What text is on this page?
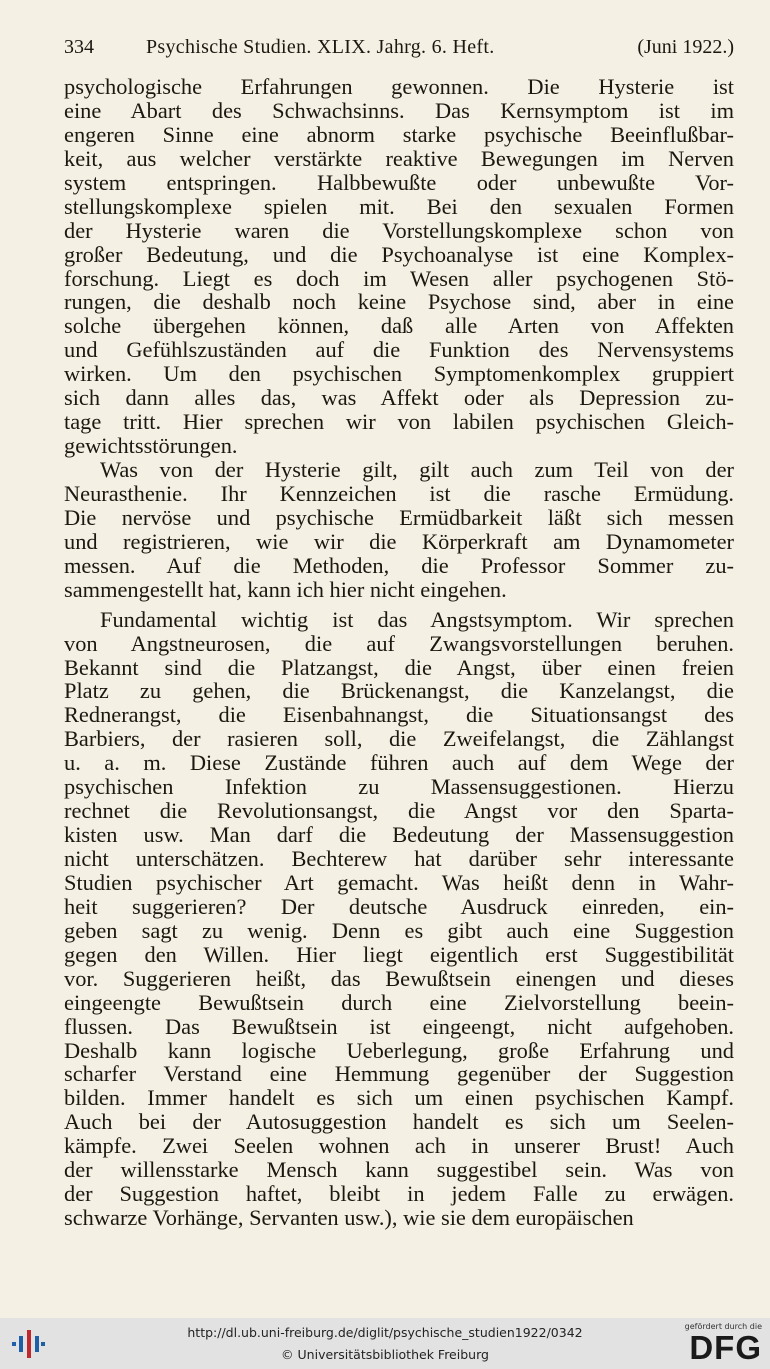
334	Psychische Studien. XLIX. Jahrg. 6. Heft.	(Juni 1922.)
psychologische Erfahrungen gewonnen. Die Hysterie ist
eine Abart des Schwachsinns. Das Kernsymptom ist im
engeren Sinne eine abnorm starke psychische Beeinflußbar-
keit, aus welcher verstärkte reaktive Bewegungen im Nerven
system entspringen. Halbbewußte oder unbewußte Vor-
stellungskomplexe spielen mit. Bei den sexualen Formen
der Hysterie waren die Vorstellungskomplexe schon von
großer Bedeutung, und die Psychoanalyse ist eine Komplex-
forschung. Liegt es doch im Wesen aller psychogenen Stö-
rungen, die deshalb noch keine Psychose sind, aber in eine
solche übergehen können, daß alle Arten von Affekten
und Gefühlszuständen auf die Funktion des Nervensystems
wirken. Um den psychischen Symptomenkomplex gruppiert
sich dann alles das, was Affekt oder als Depression zu-
tage tritt. Hier sprechen wir von labilen psychischen Gleich-
gewichtsstörungen.
Was von der Hysterie gilt, gilt auch zum Teil von der
Neurasthenie. Ihr Kennzeichen ist die rasche Ermüdung.
Die nervöse und psychische Ermüdbarkeit läßt sich messen
und registrieren, wie wir die Körperkraft am Dynamometer
messen. Auf die Methoden, die Professor Sommer zu-
sammengestellt hat, kann ich hier nicht eingehen.
Fundamental wichtig ist das Angstsymptom. Wir sprechen
von Angstneurosen, die auf Zwangsvorstellungen beruhen.
Bekannt sind die Platzangst, die Angst, über einen freien
Platz zu gehen, die Brückenangst, die Kanzelangst, die
Rednerangst, die Eisenbahnangst, die Situationsangst des
Barbiers, der rasieren soll, die Zweifelangst, die Zählangst
u. a. m. Diese Zustände führen auch auf dem Wege der
psychischen Infektion zu Massensuggestionen. Hierzu
rechnet die Revolutionsangst, die Angst vor den Sparta-
kisten usw. Man darf die Bedeutung der Massensuggestion
nicht unterschätzen. Bechterew hat darüber sehr interessante
Studien psychischer Art gemacht. Was heißt denn in Wahr-
heit suggerieren? Der deutsche Ausdruck einreden, ein-
geben sagt zu wenig. Denn es gibt auch eine Suggestion
gegen den Willen. Hier liegt eigentlich erst Suggestibilität
vor. Suggerieren heißt, das Bewußtsein einengen und dieses
eingeengte Bewußtsein durch eine Zielvorstellung beein-
flussen. Das Bewußtsein ist eingeengt, nicht aufgehoben.
Deshalb kann logische Ueberlegung, große Erfahrung und
scharfer Verstand eine Hemmung gegenüber der Suggestion
bilden. Immer handelt es sich um einen psychischen Kampf.
Auch bei der Autosuggestion handelt es sich um Seelen-
kämpfe. Zwei Seelen wohnen ach in unserer Brust! Auch
der willensstarke Mensch kann suggestibel sein. Was von
der Suggestion haftet, bleibt in jedem Falle zu erwägen.
schwarze Vorhänge, Servanten usw.), wie sie dem europäischen
http://dl.ub.uni-freiburg.de/diglit/psychische_studien1922/0342
© Universitätsbibliothek Freiburg
gefördert durch die
DFG
